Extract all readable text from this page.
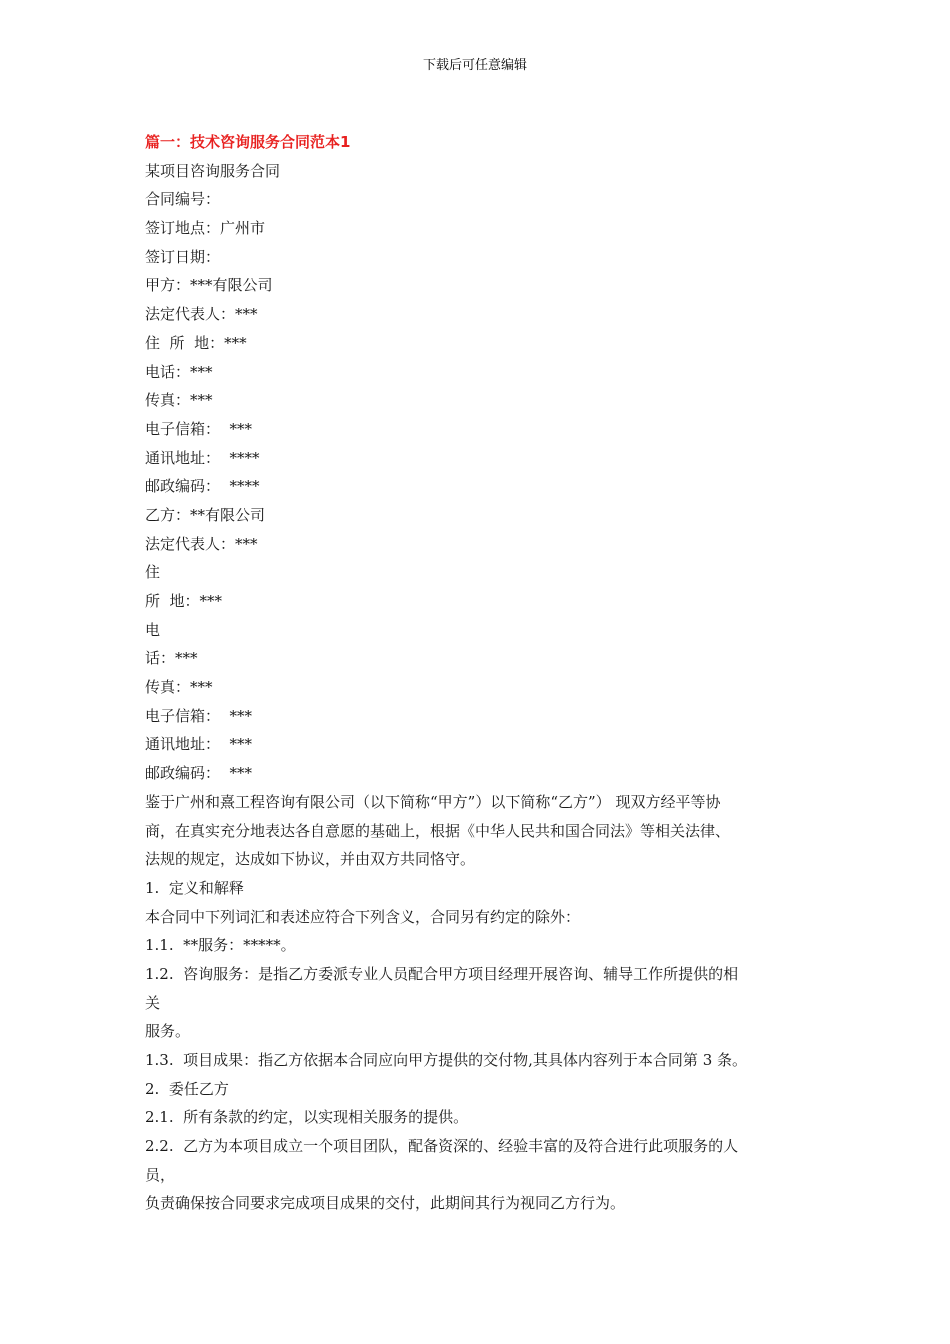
下载后可任意编辑
篇一：技术咨询服务合同范本1
某项目咨询服务合同
合同编号：
签订地点：广州市
签订日期：
甲方：***有限公司
法定代表人：***
住  所  地：***
电话：***
传真：***
电子信箱：  ***
通讯地址：  ****
邮政编码：  ****
乙方：**有限公司
法定代表人：***
住
所  地：***
电
话：***
传真：***
电子信箱：  ***
通讯地址：  ***
邮政编码：  ***
鉴于广州和熹工程咨询有限公司（以下简称“甲方”）以下简称“乙方”） 现双方经平等协
商，在真实充分地表达各自意愿的基础上，根据《中华人民共和国合同法》等相关法律、
法规的规定，达成如下协议，并由双方共同恪守。
1.  定义和解释
本合同中下列词汇和表述应符合下列含义，合同另有约定的除外：
1.1.  **服务：*****。
1.2.  咨询服务：是指乙方委派专业人员配合甲方项目经理开展咨询、辅导工作所提供的相
关
服务。
1.3.  项目成果：指乙方依据本合同应向甲方提供的交付物,其具体内容列于本合同第 3 条。
2.  委任乙方
2.1.  所有条款的约定，以实现相关服务的提供。
2.2.  乙方为本项目成立一个项目团队，配备资深的、经验丰富的及符合进行此项服务的人
员，
负责确保按合同要求完成项目成果的交付，此期间其行为视同乙方行为。
